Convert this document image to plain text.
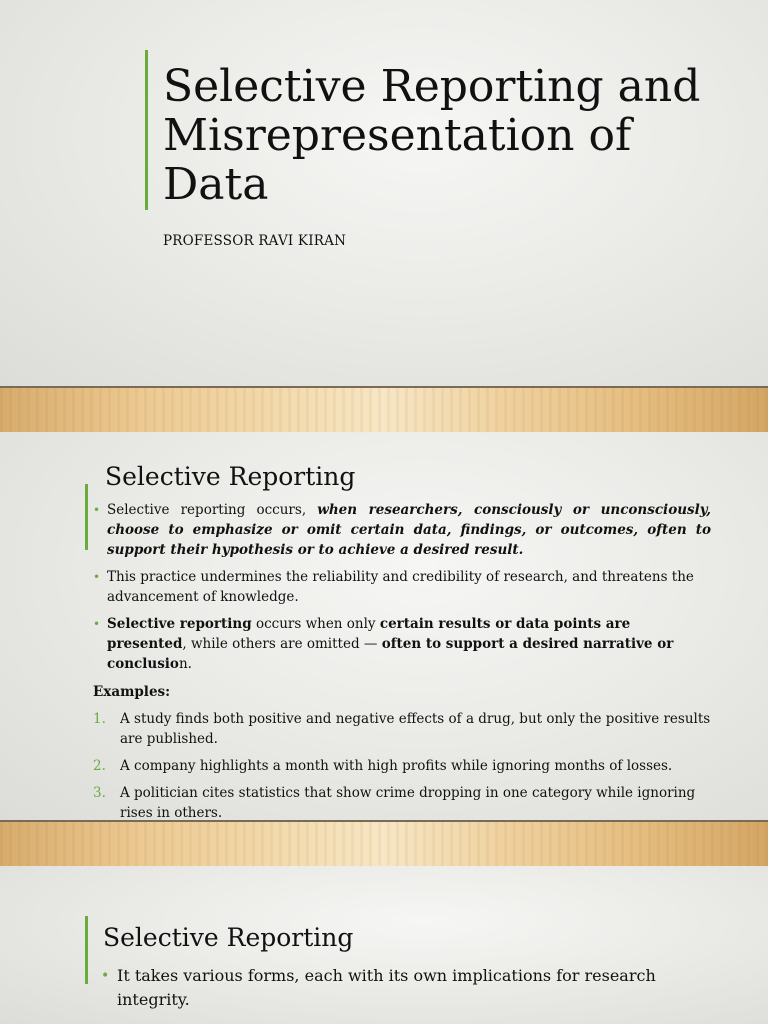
Selective Reporting and Misrepresentation of Data
PROFESSOR RAVI KIRAN
Selective Reporting
• Selective reporting occurs, when researchers, consciously or unconsciously, choose to emphasize or omit certain data, findings, or outcomes, often to support their hypothesis or to achieve a desired result.
• This practice undermines the reliability and credibility of research, and threatens the advancement of knowledge.
• Selective reporting occurs when only certain results or data points are presented, while others are omitted — often to support a desired narrative or conclusion.
Examples:
1. A study finds both positive and negative effects of a drug, but only the positive results are published.
2. A company highlights a month with high profits while ignoring months of losses.
3. A politician cites statistics that show crime dropping in one category while ignoring rises in others.
Selective Reporting
• It takes various forms, each with its own implications for research integrity.
